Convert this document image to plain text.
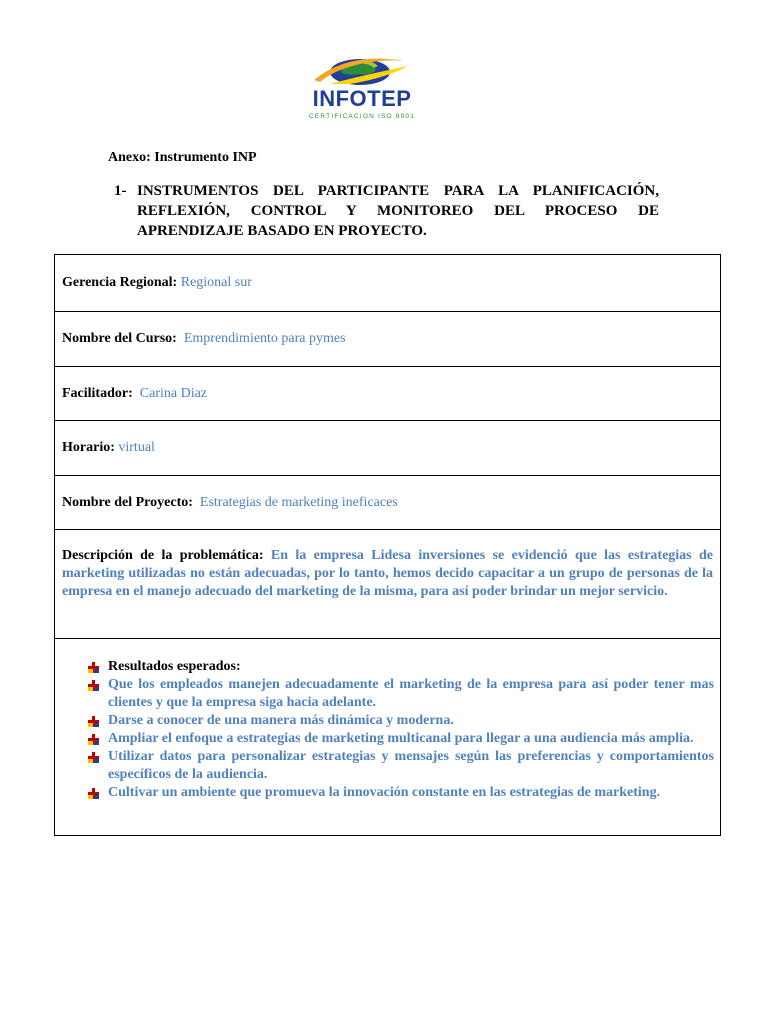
INFOTEP
CERTIFICACION ISO 9001
Anexo: Instrumento INP
1- INSTRUMENTOS DEL PARTICIPANTE PARA LA PLANIFICACIÓN, REFLEXIÓN, CONTROL Y MONITOREO DEL PROCESO DE APRENDIZAJE BASADO EN PROYECTO.
Gerencia Regional: Regional sur
Nombre del Curso: Emprendimiento para pymes
Facilitador: Carina Diaz
Horario: virtual
Nombre del Proyecto: Estrategias de marketing ineficaces
Descripción de la problemática: En la empresa Lidesa inversiones se evidenció que las estrategias de marketing utilizadas no están adecuadas, por lo tanto, hemos decido capacitar a un grupo de personas de la empresa en el manejo adecuado del marketing de la misma, para así poder brindar un mejor servicio.
Resultados esperados:
Que los empleados manejen adecuadamente el marketing de la empresa para así poder tener mas clientes y que la empresa siga hacia adelante.
Darse a conocer de una manera más dinámica y moderna.
Ampliar el enfoque a estrategias de marketing multicanal para llegar a una audiencia más amplia.
Utilizar datos para personalizar estrategias y mensajes según las preferencias y comportamientos específicos de la audiencia.
Cultivar un ambiente que promueva la innovación constante en las estrategias de marketing.
